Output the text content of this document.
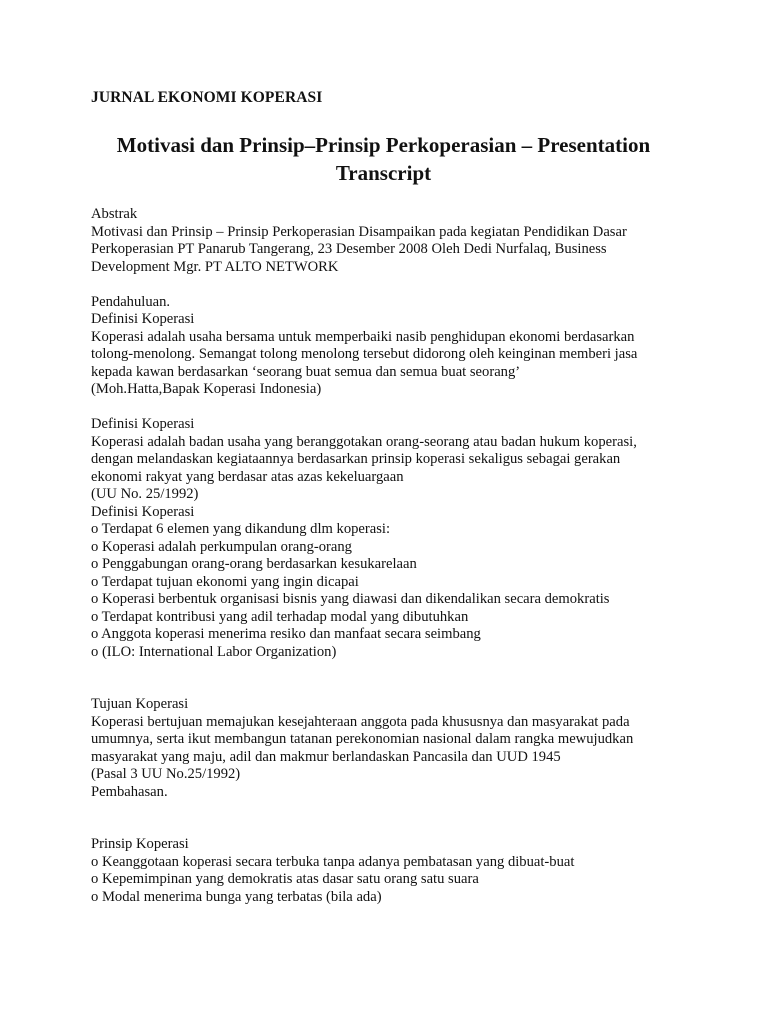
JURNAL EKONOMI KOPERASI

Motivasi dan Prinsip–Prinsip Perkoperasian – Presentation
Transcript
Abstrak
Motivasi dan Prinsip – Prinsip Perkoperasian Disampaikan pada kegiatan Pendidikan Dasar
Perkoperasian PT Panarub Tangerang, 23 Desember 2008 Oleh Dedi Nurfalaq, Business
Development Mgr. PT ALTO NETWORK
Pendahuluan.
Definisi Koperasi
Koperasi adalah usaha bersama untuk memperbaiki nasib penghidupan ekonomi berdasarkan
tolong-menolong. Semangat tolong menolong tersebut didorong oleh keinginan memberi jasa
kepada kawan berdasarkan ‘seorang buat semua dan semua buat seorang’
(Moh.Hatta,Bapak Koperasi Indonesia)
Definisi Koperasi
Koperasi adalah badan usaha yang beranggotakan orang-seorang atau badan hukum koperasi,
dengan melandaskan kegiataannya berdasarkan prinsip koperasi sekaligus sebagai gerakan
ekonomi rakyat yang berdasar atas azas kekeluargaan
(UU No. 25/1992)
Definisi Koperasi
o Terdapat 6 elemen yang dikandung dlm koperasi:
o Koperasi adalah perkumpulan orang-orang
o Penggabungan orang-orang berdasarkan kesukarelaan
o Terdapat tujuan ekonomi yang ingin dicapai
o Koperasi berbentuk organisasi bisnis yang diawasi dan dikendalikan secara demokratis
o Terdapat kontribusi yang adil terhadap modal yang dibutuhkan
o Anggota koperasi menerima resiko dan manfaat secara seimbang
o (ILO: International Labor Organization)
Tujuan Koperasi
Koperasi bertujuan memajukan kesejahteraan anggota pada khususnya dan masyarakat pada
umumnya, serta ikut membangun tatanan perekonomian nasional dalam rangka mewujudkan
masyarakat yang maju, adil dan makmur berlandaskan Pancasila dan UUD 1945
(Pasal 3 UU No.25/1992)
Pembahasan.
Prinsip Koperasi
o Keanggotaan koperasi secara terbuka tanpa adanya pembatasan yang dibuat-buat
o Kepemimpinan yang demokratis atas dasar satu orang satu suara
o Modal menerima bunga yang terbatas (bila ada)
